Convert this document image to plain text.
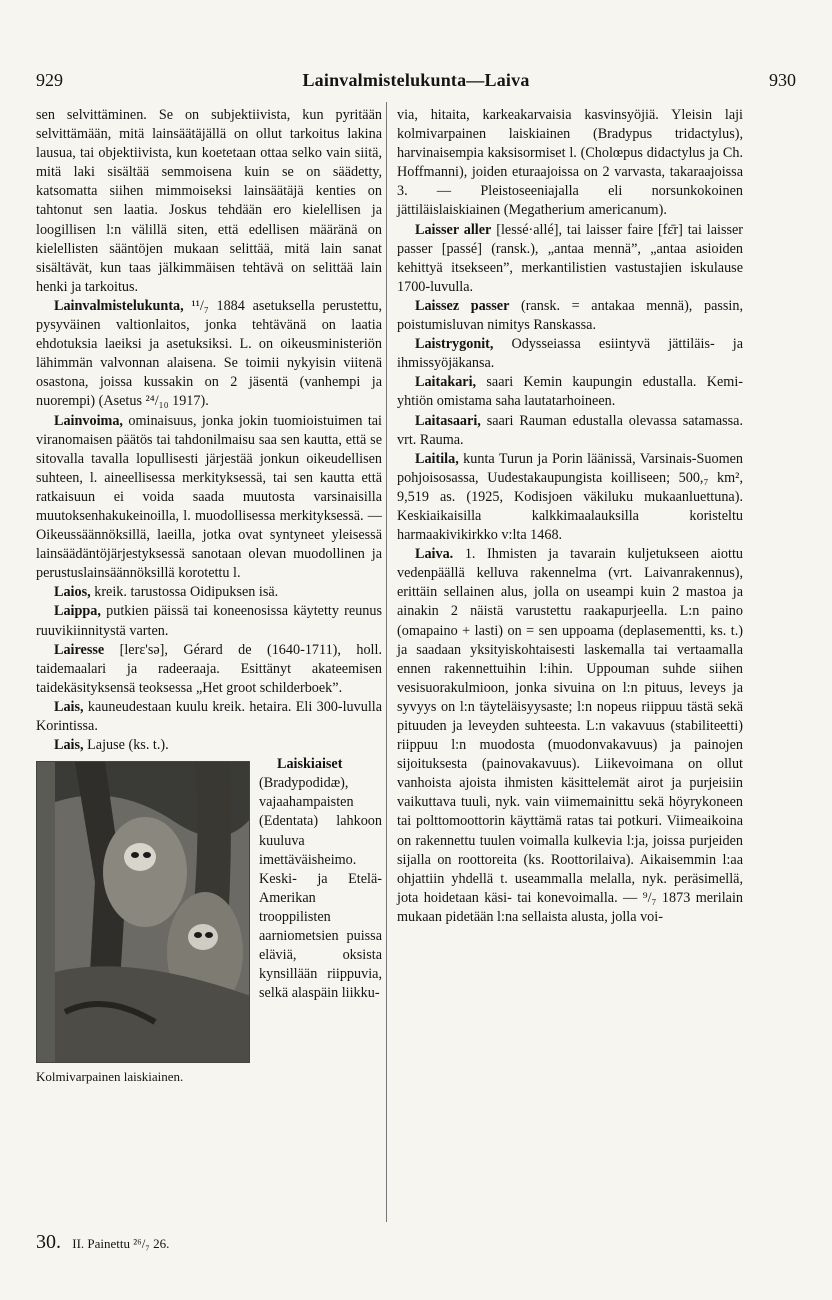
929	Lainvalmistelukunta—Laiva	930

sen selvittäminen. Se on subjektiivista, kun pyritään selvittämään, mitä lainsäätäjällä on ollut tarkoitus lakina lausua, tai objektiivista, kun koetetaan ottaa selko vain siitä, mitä laki sisältää semmoisena kuin se on säädetty, katsomatta siihen mimmoiseksi lainsäätäjä kenties on tahtonut sen laatia. Joskus tehdään ero kielellisen ja loogillisen l:n välillä siten, että edellisen määränä on kielellisten sääntöjen mukaan selittää, mitä lain sanat sisältävät, kun taas jälkimmäisen tehtävä on selittää lain henki ja tarkoitus.

Lainvalmistelukunta, ¹¹/₇ 1884 asetuksella perustettu, pysyväinen valtionlaitos, jonka tehtävänä on laatia ehdotuksia laeiksi ja asetuksiksi. L. on oikeusministeriön lähimmän valvonnan alaisena. Se toimii nykyisin viitenä osastona, joissa kussakin on 2 jäsentä (vanhempi ja nuorempi) (Asetus ²⁴/₁₀ 1917).

Lainvoima, ominaisuus, jonka jokin tuomioistuimen tai viranomaisen päätös tai tahdonilmaisu saa sen kautta, että se sitovalla tavalla lopullisesti järjestää jonkun oikeudellisen suhteen, l. aineellisessa merkityksessä, tai sen kautta että ratkaisuun ei voida saada muutosta varsinaisilla muutoksenhakukeinoilla, l. muodollisessa merkityksessä. — Oikeussäännöksillä, laeilla, jotka ovat syntyneet yleisessä lainsäädäntöjärjestyksessä sanotaan olevan muodollinen ja perustuslainsäännöksillä korotettu l.

Laios, kreik. tarustossa Oidipuksen isä.

Laippa, putkien päissä tai koneenosissa käytetty reunus ruuvikiinnitystä varten.

Lairesse [lerɛ'sǝ], Gérard de (1640-1711), holl. taidemaalari ja radeeraaja. Esittänyt akateemisen taidekäsityksensä teoksessa „Het groot schilderboek”.

Lais, kauneudestaan kuulu kreik. hetaira. Eli 300-luvulla Korintissa.

Lais, Lajuse (ks. t.).

Kolmivarpainen laiskiainen.
Laiskiaiset (Bradypodidæ), vajaahampaisten (Edentata) lahkoon kuuluva imettäväisheimo. Keski- ja Etelä-Amerikan trooppilisten aarniometsien puissa eläviä, oksista kynsillään riippuvia, selkä alaspäin liikku-

via, hitaita, karkeakarvaisia kasvinsyöjiä. Yleisin laji kolmivarpainen laiskiainen (Bradypus tridactylus), harvinaisempia kaksisormiset l. (Cholœpus didactylus ja Ch. Hoffmanni), joiden eturaajoissa on 2 varvasta, takaraajoissa 3. — Pleistoseeniajalla eli norsunkokoinen jättiläislaiskiainen (Megatherium americanum).

Laisser aller [lessé·allé], tai laisser faire [fɛ̄r] tai laisser passer [passé] (ransk.), „antaa mennä”, „antaa asioiden kehittyä itsekseen”, merkantilistien vastustajien iskulause 1700-luvulla.

Laissez passer (ransk. = antakaa mennä), passin, poistumisluvan nimitys Ranskassa.

Laistrygonit, Odysseiassa esiintyvä jättiläis- ja ihmissyöjäkansa.

Laitakari, saari Kemin kaupungin edustalla. Kemi-yhtiön omistama saha lautatarhoineen.

Laitasaari, saari Rauman edustalla olevassa satamassa. vrt. Rauma.

Laitila, kunta Turun ja Porin läänissä, Varsinais-Suomen pohjoisosassa, Uudestakaupungista koilliseen; 500,₇ km², 9,519 as. (1925, Kodisjoen väkiluku mukaanluettuna). Keskiaikaisilla kalkkimaalauksilla koristeltu harmaakivikirkko v:lta 1468.

Laiva. 1. Ihmisten ja tavarain kuljetukseen aiottu vedenpäällä kelluva rakennelma (vrt. Laivanrakennus), erittäin sellainen alus, jolla on useampi kuin 2 mastoa ja ainakin 2 näistä varustettu raakapurjeella. L:n paino (omapaino + lasti) on = sen uppoama (deplasementti, ks. t.) ja saadaan yksityiskohtaisesti laskemalla tai vertaamalla ennen rakennettuihin l:ihin. Uppouman suhde siihen vesisuorakulmioon, jonka sivuina on l:n pituus, leveys ja syvyys on l:n täyteläisyysaste; l:n nopeus riippuu tästä sekä pituuden ja leveyden suhteesta. L:n vakavuus (stabiliteetti) riippuu l:n muodosta (muodonvakavuus) ja painojen sijoituksesta (painovakavuus). Liikevoimana on ollut vanhoista ajoista ihmisten käsittelemät airot ja purjeisiin vaikuttava tuuli, nyk. vain viimemainittu sekä höyrykoneen tai polttomoottorin käyttämä ratas tai potkuri. Viimeaikoina on rakennettu tuulen voimalla kulkevia l:ja, joissa purjeiden sijalla on roottoreita (ks. Roottorilaiva). Aikaisemmin l:aa ohjattiin yhdellä t. useammalla melalla, nyk. peräsimellä, jota hoidetaan käsi- tai konevoimalla. — ⁹/₇ 1873 merilain mukaan pidetään l:na sellaista alusta, jolla voi-

30. II. Painettu ²⁶/₇ 26.
